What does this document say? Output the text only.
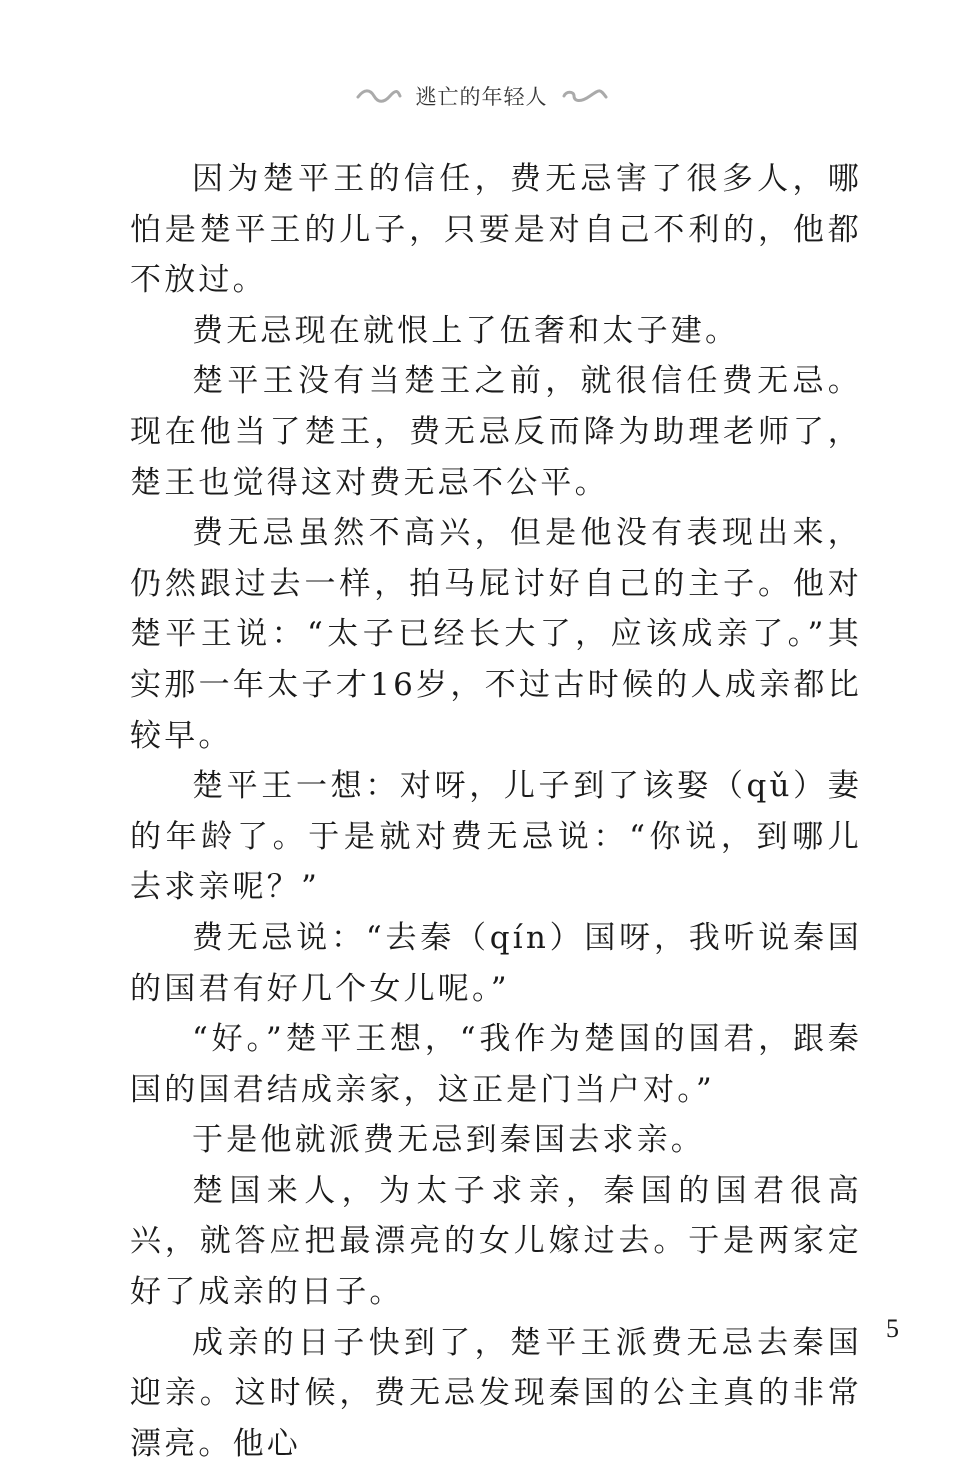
逃亡的年轻人

因为楚平王的信任，费无忌害了很多人，哪怕是楚平王的儿子，只要是对自己不利的，他都不放过。

费无忌现在就恨上了伍奢和太子建。

楚平王没有当楚王之前，就很信任费无忌。现在他当了楚王，费无忌反而降为助理老师了，楚王也觉得这对费无忌不公平。

费无忌虽然不高兴，但是他没有表现出来，仍然跟过去一样，拍马屁讨好自己的主子。他对楚平王说：“太子已经长大了，应该成亲了。”其实那一年太子才16岁，不过古时候的人成亲都比较早。

楚平王一想：对呀，儿子到了该娶（qǔ）妻的年龄了。于是就对费无忌说：“你说，到哪儿去求亲呢？”

费无忌说：“去秦（qín）国呀，我听说秦国的国君有好几个女儿呢。”

“好。”楚平王想，“我作为楚国的国君，跟秦国的国君结成亲家，这正是门当户对。”

于是他就派费无忌到秦国去求亲。

楚国来人，为太子求亲，秦国的国君很高兴，就答应把最漂亮的女儿嫁过去。于是两家定好了成亲的日子。

成亲的日子快到了，楚平王派费无忌去秦国迎亲。这时候，费无忌发现秦国的公主真的非常漂亮。他心

5
